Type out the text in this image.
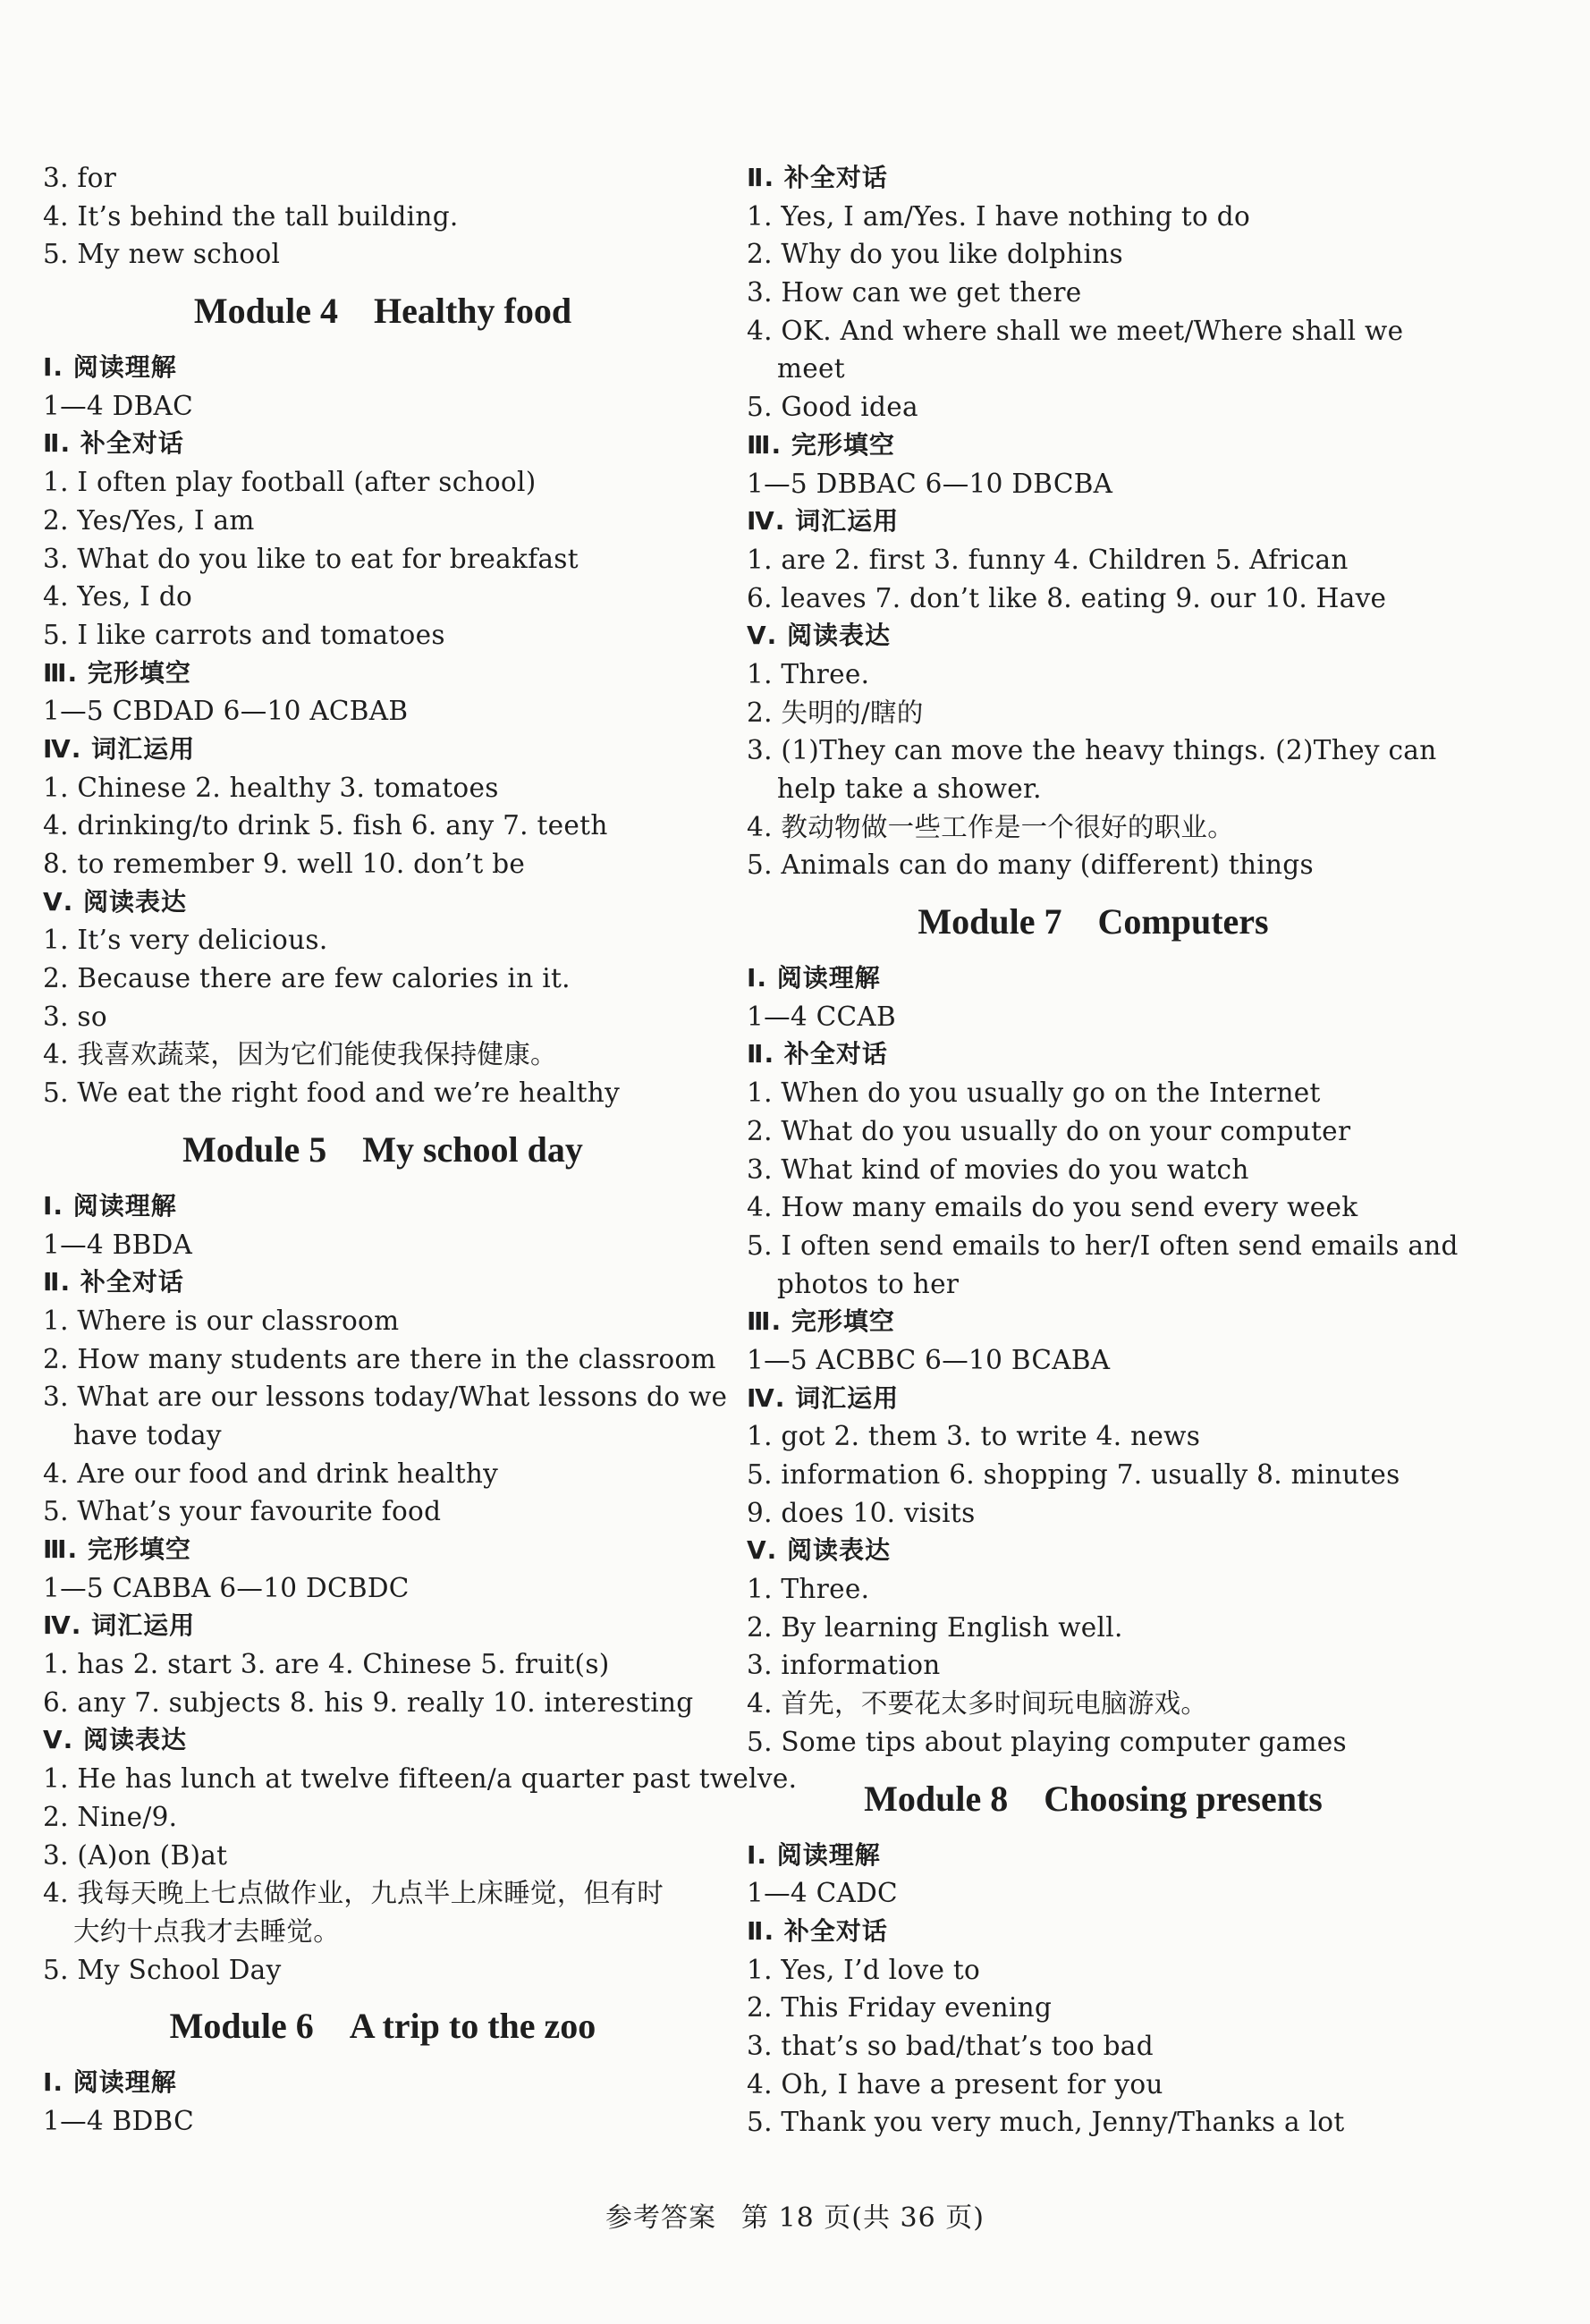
3. for
4. It’s behind the tall building.
5. My new school
Module 4 Healthy food
Ⅰ. 阅读理解
1—4 DBAC
Ⅱ. 补全对话
1. I often play football (after school)
2. Yes/Yes, I am
3. What do you like to eat for breakfast
4. Yes, I do
5. I like carrots and tomatoes
Ⅲ. 完形填空
1—5 CBDAD 6—10 ACBAB
Ⅳ. 词汇运用
1. Chinese 2. healthy 3. tomatoes
4. drinking/to drink 5. fish 6. any 7. teeth
8. to remember 9. well 10. don’t be
Ⅴ. 阅读表达
1. It’s very delicious.
2. Because there are few calories in it.
3. so
4. 我喜欢蔬菜，因为它们能使我保持健康。
5. We eat the right food and we’re healthy
Module 5 My school day
Ⅰ. 阅读理解
1—4 BBDA
Ⅱ. 补全对话
1. Where is our classroom
2. How many students are there in the classroom
3. What are our lessons today/What lessons do we
have today
4. Are our food and drink healthy
5. What’s your favourite food
Ⅲ. 完形填空
1—5 CABBA 6—10 DCBDC
Ⅳ. 词汇运用
1. has 2. start 3. are 4. Chinese 5. fruit(s)
6. any 7. subjects 8. his 9. really 10. interesting
Ⅴ. 阅读表达
1. He has lunch at twelve fifteen/a quarter past twelve.
2. Nine/9.
3. (A)on (B)at
4. 我每天晚上七点做作业，九点半上床睡觉，但有时
大约十点我才去睡觉。
5. My School Day
Module 6 A trip to the zoo
Ⅰ. 阅读理解
1—4 BDBC
Ⅱ. 补全对话
1. Yes, I am/Yes. I have nothing to do
2. Why do you like dolphins
3. How can we get there
4. OK. And where shall we meet/Where shall we
meet
5. Good idea
Ⅲ. 完形填空
1—5 DBBAC 6—10 DBCBA
Ⅳ. 词汇运用
1. are 2. first 3. funny 4. Children 5. African
6. leaves 7. don’t like 8. eating 9. our 10. Have
Ⅴ. 阅读表达
1. Three.
2. 失明的/瞎的
3. (1)They can move the heavy things. (2)They can
help take a shower.
4. 教动物做一些工作是一个很好的职业。
5. Animals can do many (different) things
Module 7 Computers
Ⅰ. 阅读理解
1—4 CCAB
Ⅱ. 补全对话
1. When do you usually go on the Internet
2. What do you usually do on your computer
3. What kind of movies do you watch
4. How many emails do you send every week
5. I often send emails to her/I often send emails and
photos to her
Ⅲ. 完形填空
1—5 ACBBC 6—10 BCABA
Ⅳ. 词汇运用
1. got 2. them 3. to write 4. news
5. information 6. shopping 7. usually 8. minutes
9. does 10. visits
Ⅴ. 阅读表达
1. Three.
2. By learning English well.
3. information
4. 首先，不要花太多时间玩电脑游戏。
5. Some tips about playing computer games
Module 8 Choosing presents
Ⅰ. 阅读理解
1—4 CADC
Ⅱ. 补全对话
1. Yes, I’d love to
2. This Friday evening
3. that’s so bad/that’s too bad
4. Oh, I have a present for you
5. Thank you very much, Jenny/Thanks a lot
参考答案 第 18 页(共 36 页)
